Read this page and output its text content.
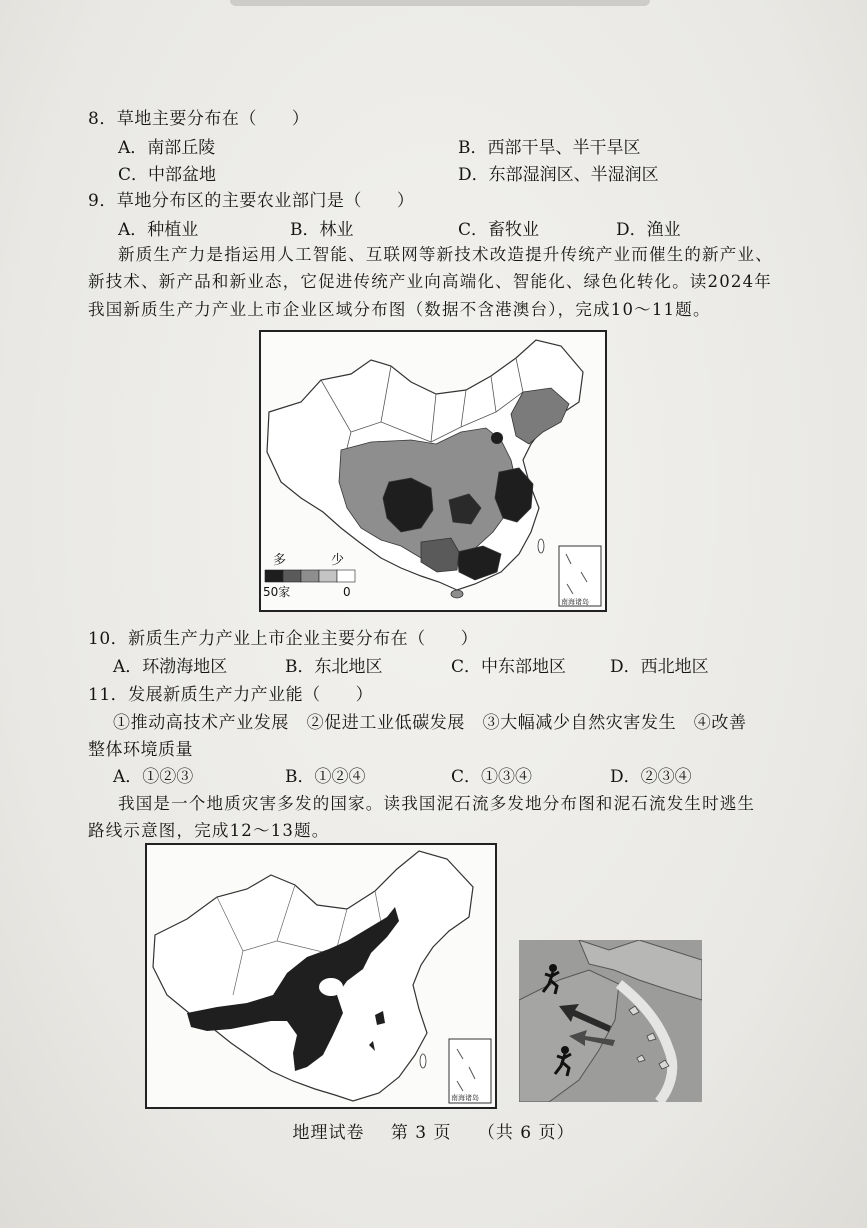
8．草地主要分布在（　　）
A．南部丘陵	B．西部干旱、半干旱区
C．中部盆地	D．东部湿润区、半湿润区
9．草地分布区的主要农业部门是（　　）
A．种植业	B．林业	C．畜牧业	D．渔业
新质生产力是指运用人工智能、互联网等新技术改造提升传统产业而催生的新产业、
新技术、新产品和新业态，它促进传统产业向高端化、智能化、绿色化转化。读2024年
我国新质生产力产业上市企业区域分布图（数据不含港澳台），完成10～11题。
南海诸岛
多	少
50家	0
10．新质生产力产业上市企业主要分布在（　　）
A．环渤海地区	B．东北地区	C．中东部地区	D．西北地区
11．发展新质生产力产业能（　　）
①推动高技术产业发展　②促进工业低碳发展　③大幅减少自然灾害发生　④改善
整体环境质量
A．①②③	B．①②④	C．①③④	D．②③④
我国是一个地质灾害多发的国家。读我国泥石流多发地分布图和泥石流发生时逃生
路线示意图，完成12～13题。
南海诸岛
地理试卷 第 3 页 （共 6 页）
